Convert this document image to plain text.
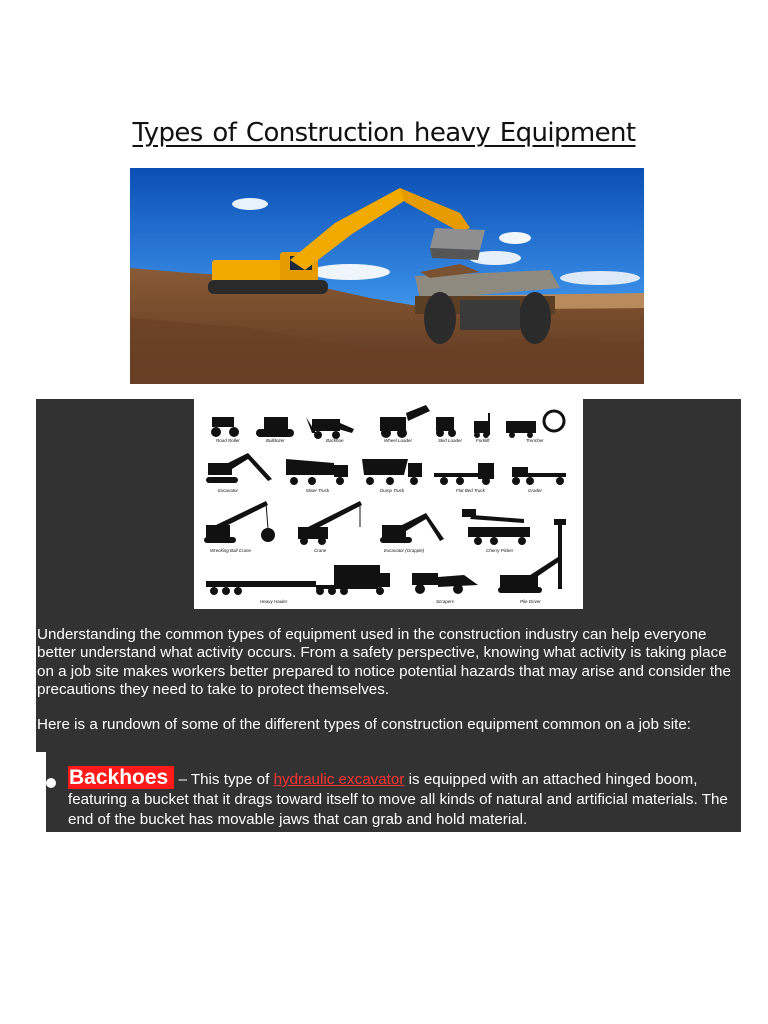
Types of Construction heavy Equipment
Road Roller	Bulldozer	Backhoe	Wheel Loader	Skid Loader	Forklift	Trencher
Excavator	Mixer Truck	Dump Truck	Flat Bed Truck	Grader
Wrecking Ball Crane	Crane	Excavator (Grapple)	Cherry Picker
Heavy Hauler	Scrapers	Pile Driver

Understanding the common types of equipment used in the construction industry can help everyone better understand what activity occurs. From a safety perspective, knowing what activity is taking place on a job site makes workers better prepared to notice potential hazards that may arise and consider the precautions they need to take to protect themselves.

Here is a rundown of some of the different types of construction equipment common on a job site:

Backhoes – This type of hydraulic excavator is equipped with an attached hinged boom, featuring a bucket that it drags toward itself to move all kinds of natural and artificial materials. The end of the bucket has movable jaws that can grab and hold material.
